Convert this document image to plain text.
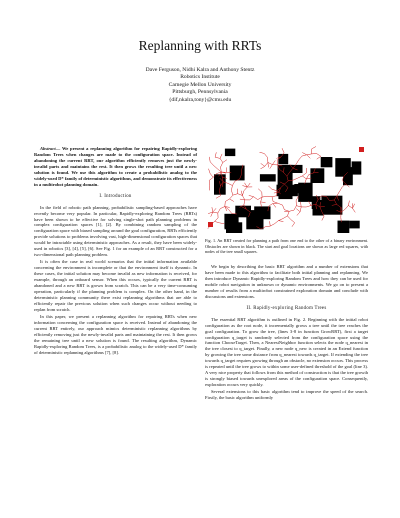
Replanning with RRTs
Dave Ferguson, Nidhi Kalra and Anthony Stentz
Robotics Institute
Carnegie Mellon University
Pittsburgh, Pennsylvania
{dif,nkalra,tony}@cmu.edu

Abstract— We present a replanning algorithm for repairing Rapidly-exploring Random Trees when changes are made to the configuration space. Instead of abandoning the current RRT, our algorithm efficiently removes just the newly-invalid parts and maintains the rest. It then grows the resulting tree until a new solution is found. We use this algorithm to create a probabilistic analog to the widely-used D* family of deterministic algorithms, and demonstrate its effectiveness in a multirobot planning domain.

I. Introduction

In the field of robotic path planning, probabilistic sampling-based approaches have recently become very popular. In particular, Rapidly-exploring Random Trees (RRTs) have been shown to be effective for solving single-shot path planning problems in complex configuration spaces [1], [2]. By combining random sampling of the configuration space with biased sampling around the goal configuration, RRTs efficiently provide solutions to problems involving vast, high-dimensional configuration spaces that would be intractable using deterministic approaches. As a result, they have been widely-used in robotics [3], [4], [5], [6]. See Fig. 1 for an example of an RRT constructed for a two-dimensional path planning problem.

It is often the case in real world scenarios that the initial information available concerning the environment is incomplete or that the environment itself is dynamic. In these cases, the initial solution may become invalid as new information is received, for example, through an onboard sensor. When this occurs, typically the current RRT is abandoned and a new RRT is grown from scratch. This can be a very time-consuming operation, particularly if the planning problem is complex. On the other hand, in the deterministic planning community there exist replanning algorithms that are able to efficiently repair the previous solution when such changes occur without needing to replan from scratch.

In this paper, we present a replanning algorithm for repairing RRTs when new information concerning the configuration space is received. Instead of abandoning the current RRT entirely, our approach mimics deterministic replanning algorithms by efficiently removing just the newly-invalid parts and maintaining the rest. It then grows the remaining tree until a new solution is found. The resulting algorithm, Dynamic Rapidly-exploring Random Trees, is a probabilistic analog to the widely-used D* family of deterministic replanning algorithms [7], [8].

Fig. 1. An RRT created for planning a path from one end to the other of a binary environment. Obstacles are shown in black. The start and goal locations are shown as large red squares, with nodes of the tree small squares.

We begin by describing the basic RRT algorithm and a number of extensions that have been made to this algorithm to facilitate both initial planning and replanning. We then introduce Dynamic Rapidly-exploring Random Trees and how they can be used for mobile robot navigation in unknown or dynamic environments. We go on to present a number of results from a multirobot constrained exploration domain and conclude with discussions and extensions.

II. Rapidly-exploring Random Trees

The essential RRT algorithm is outlined in Fig. 2. Beginning with the initial robot configuration as the root node, it incrementally grows a tree until the tree reaches the goal configuration. To grow the tree, (lines 3-8 in function GrowRRT), first a target configuration q_target is randomly selected from the configuration space using the function ChooseTarget. Then, a NearestNeighbor function selects the node q_nearest in the tree closest to q_target. Finally, a new node q_new is created in an Extend function by growing the tree some distance from q_nearest towards q_target. If extending the tree towards q_target requires growing through an obstacle, no extension occurs. This process is repeated until the tree grows to within some user-defined threshold of the goal (line 3). A very nice property that follows from this method of construction is that the tree growth is strongly biased towards unexplored areas of the configuration space. Consequently, exploration occurs very quickly.

Several extensions to this basic algorithm tend to improve the speed of the search. Firstly, the basic algorithm uniformly
